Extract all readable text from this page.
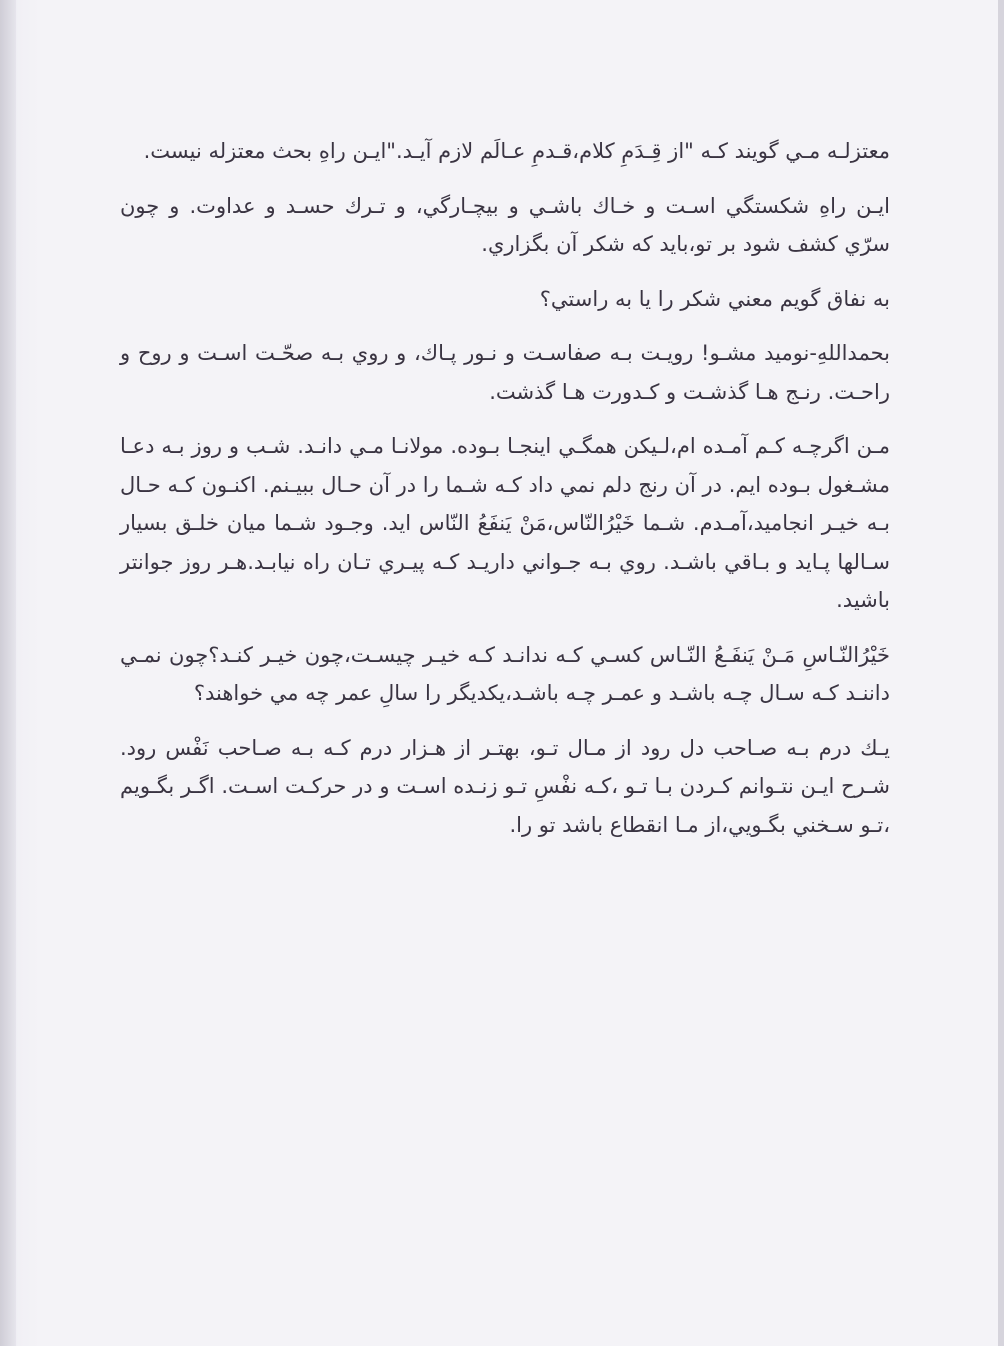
معتزلـه مـي گويند كـه "از قِـدَمِ كلام،قـدمِ عـالَم لازم آيـد."ايـن راهِ بحث معتزله نيست.

ايـن راهِ شكستگي اسـت و خـاك باشـي و بيچـارگي، و تـرك حسـد و عداوت. و چون سرّي كشف شود بر تو،بايد كه شكر آن بگزاري.

به نفاق گويم معني شكر را يا به راستي؟

بحمداللهِ-نوميد مشـو! رويـت بـه صفاسـت و نـور پـاك، و روي بـه صحّـت اسـت و روح و راحـت. رنـج هـا گذشـت و كـدورت هـا گذشت.

مـن اگرچـه كـم آمـده ام،لـيكن همگـي اينجـا بـوده. مولانـا مـي دانـد. شـب و روز بـه دعـا مشـغول بـوده ايم. در آن رنج دلم نمي داد كـه شـما را در آن حـال ببيـنم. اكنـون كـه حـال بـه خيـر انجاميد،آمـدم. شـما خَيْرُالنّاس،مَنْ يَنفَعُ النّاس ايد. وجـود شـما ميان خلـق بسيار سـالها پـايد و بـاقي باشـد. روي بـه جـواني داريـد كـه پيـري تـان راه نيابـد.هـر روز جوانتر باشيد.

خَيْرُالنّـاسِ مَـنْ يَنفَـعُ النّـاس كسـي كـه ندانـد كـه خيـر چيسـت،چون خيـر كنـد؟چون نمـي داننـد كـه سـال چـه باشـد و عمـر چـه باشـد،يكديگر را سالِ عمر چه مي خواهند؟

يـك درم بـه صـاحب دل رود از مـال تـو، بهتـر از هـزار درم كـه بـه صـاحب نَفْس رود. شـرح ايـن نتـوانم كـردن بـا تـو ،كـه نفْسِ تـو زنـده اسـت و در حركـت اسـت. اگـر بگـويم ،تـو سـخني بگـويي،از مـا انقطاع باشد تو را.
